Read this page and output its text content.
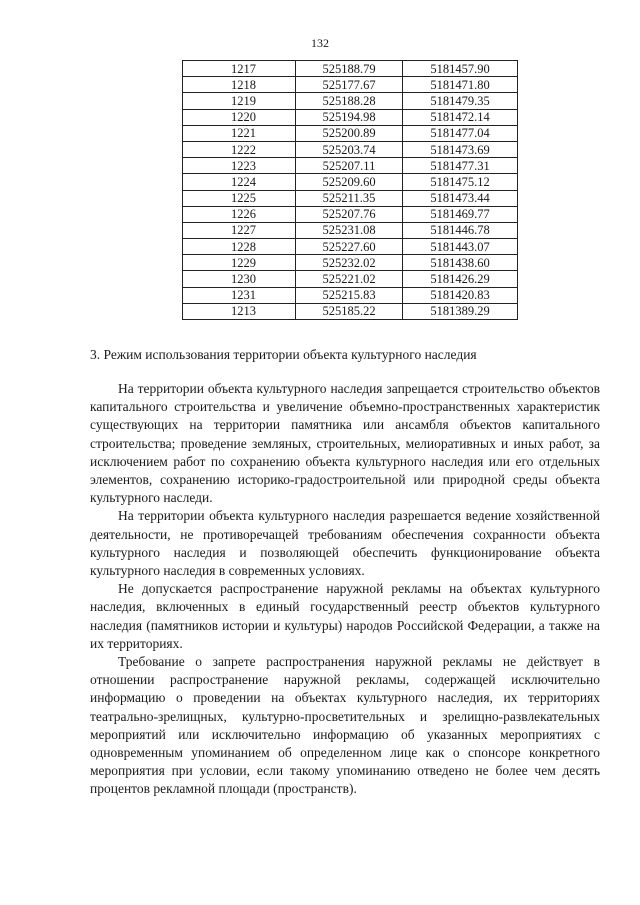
132
1217	525188.79	5181457.90
1218	525177.67	5181471.80
1219	525188.28	5181479.35
1220	525194.98	5181472.14
1221	525200.89	5181477.04
1222	525203.74	5181473.69
1223	525207.11	5181477.31
1224	525209.60	5181475.12
1225	525211.35	5181473.44
1226	525207.76	5181469.77
1227	525231.08	5181446.78
1228	525227.60	5181443.07
1229	525232.02	5181438.60
1230	525221.02	5181426.29
1231	525215.83	5181420.83
1213	525185.22	5181389.29
3. Режим использования территории объекта культурного наследия

На территории объекта культурного наследия запрещается строительство объектов капитального строительства и увеличение объемно-пространственных характеристик существующих на территории памятника или ансамбля объектов капитального строительства; проведение земляных, строительных, мелиоративных и иных работ, за исключением работ по сохранению объекта культурного наследия или его отдельных элементов, сохранению историко-градостроительной или природной среды объекта культурного наследи.

На территории объекта культурного наследия разрешается ведение хозяйственной деятельности, не противоречащей требованиям обеспечения сохранности объекта культурного наследия и позволяющей обеспечить функционирование объекта культурного наследия в современных условиях.

Не допускается распространение наружной рекламы на объектах культурного наследия, включенных в единый государственный реестр объектов культурного наследия (памятников истории и культуры) народов Российской Федерации, а также на их территориях.

Требование о запрете распространения наружной рекламы не действует в отношении распространение наружной рекламы, содержащей исключительно информацию о проведении на объектах культурного наследия, их территориях театрально-зрелищных, культурно-просветительных и зрелищно-развлекательных мероприятий или исключительно информацию об указанных мероприятиях с одновременным упоминанием об определенном лице как о спонсоре конкретного мероприятия при условии, если такому упоминанию отведено не более чем десять процентов рекламной площади (пространств).
